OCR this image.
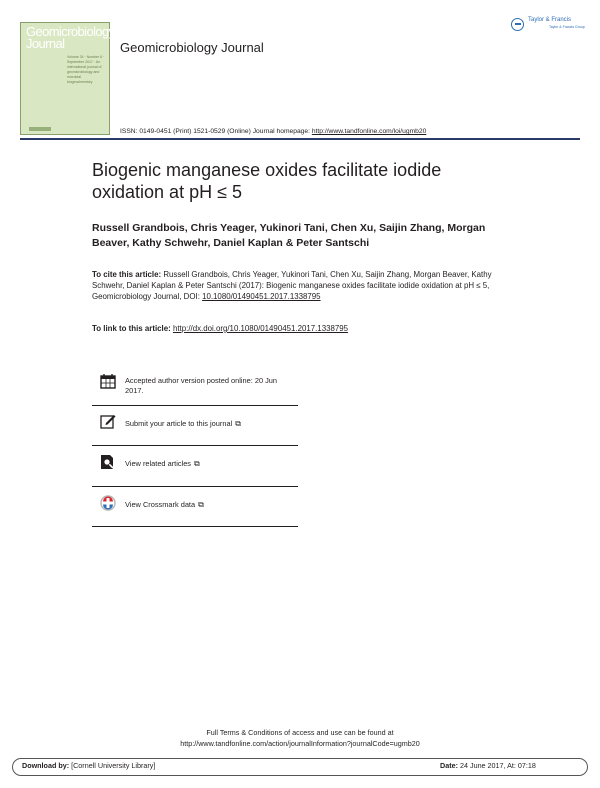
Geomicrobiology
Journal
Volume 34 · Number 6 · September 2017 · An international journal of geomicrobiology and microbial biogeochemistry
Geomicrobiology Journal
Taylor & Francis
Taylor & Francis Group
ISSN: 0149-0451 (Print) 1521-0529 (Online) Journal homepage: http://www.tandfonline.com/loi/ugmb20
Biogenic manganese oxides facilitate iodide oxidation at pH ≤ 5
Russell Grandbois, Chris Yeager, Yukinori Tani, Chen Xu, Saijin Zhang, Morgan Beaver, Kathy Schwehr, Daniel Kaplan & Peter Santschi
To cite this article: Russell Grandbois, Chris Yeager, Yukinori Tani, Chen Xu, Saijin Zhang, Morgan Beaver, Kathy Schwehr, Daniel Kaplan & Peter Santschi (2017): Biogenic manganese oxides facilitate iodide oxidation at pH ≤ 5, Geomicrobiology Journal, DOI: 10.1080/01490451.2017.1338795
To link to this article: http://dx.doi.org/10.1080/01490451.2017.1338795
Accepted author version posted online: 20 Jun 2017.
Submit your article to this journal ⧉
View related articles ⧉
View Crossmark data ⧉
Full Terms & Conditions of access and use can be found at
http://www.tandfonline.com/action/journalInformation?journalCode=ugmb20
Download by: [Cornell University Library]	Date: 24 June 2017, At: 07:18
